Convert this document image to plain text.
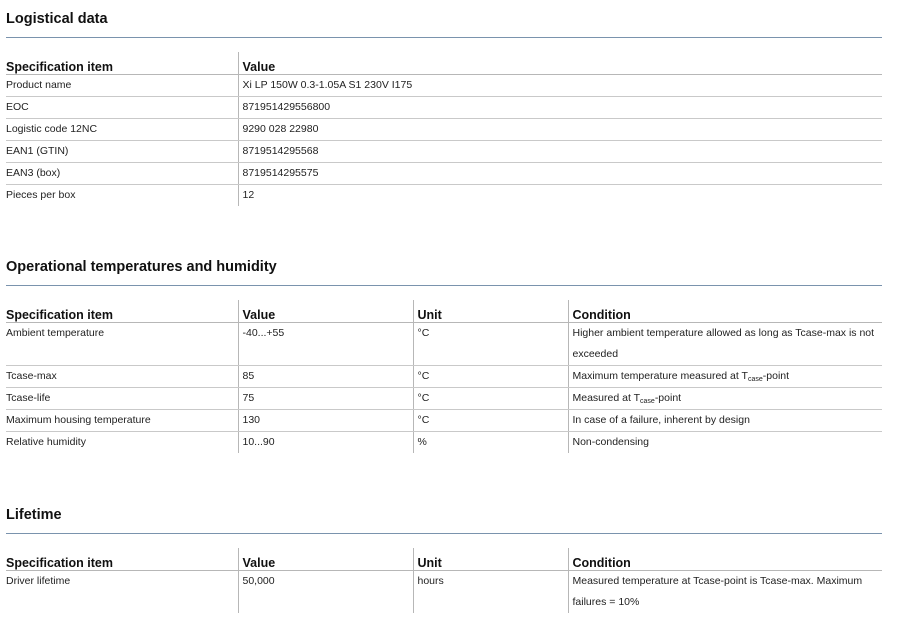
Logistical data
Specification item	Value
Product name	Xi LP 150W 0.3-1.05A S1 230V I175
EOC	871951429556800
Logistic code 12NC	9290 028 22980
EAN1 (GTIN)	8719514295568
EAN3 (box)	8719514295575
Pieces per box	12
Operational temperatures and humidity
Specification item	Value	Unit	Condition
Ambient temperature	-40...+55	°C	Higher ambient temperature allowed as long as Tcase-max is not exceeded
Tcase-max	85	°C	Maximum temperature measured at $T_{case}$-point
Tcase-life	75	°C	Measured at $T_{case}$-point
Maximum housing temperature	130	°C	In case of a failure, inherent by design
Relative humidity	10...90	%	Non-condensing
Lifetime
Specification item	Value	Unit	Condition
Driver lifetime	50,000	hours	Measured temperature at Tcase-point is Tcase-max. Maximum failures = 10%
